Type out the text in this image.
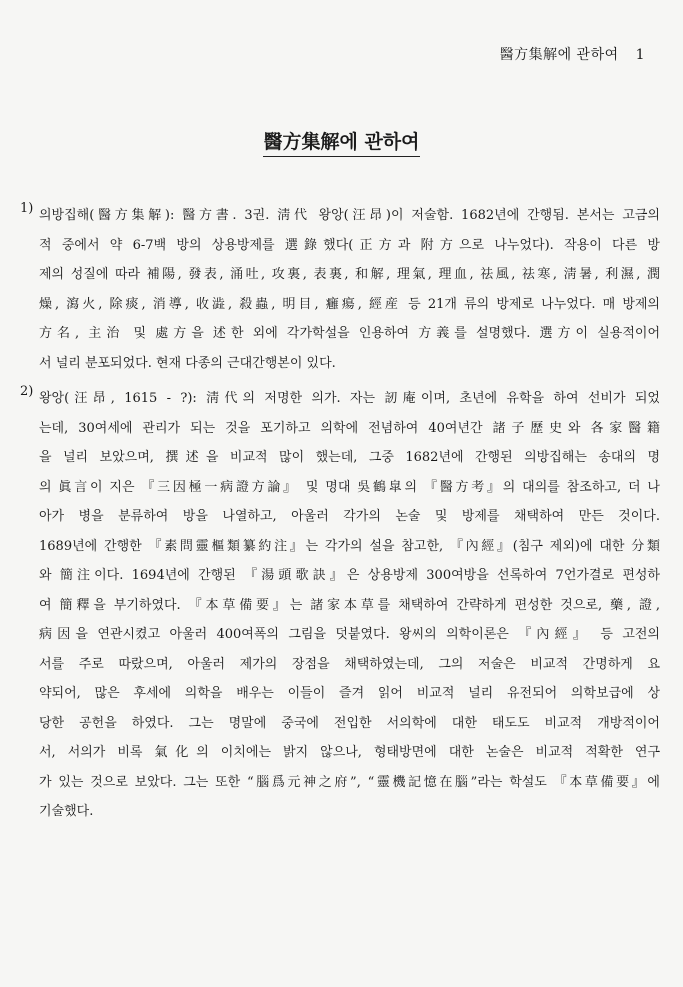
醫方集解에 관하여 1
醫方集解에 관하여
1) 의방집해(醫方集解): 醫方書. 3권. 淸代 왕앙(汪昂)이 저술함. 1682년에 간행됨. 본서는 고금의
적 중에서 약 6-7백 방의 상용방제를 選錄했다(正方과 附方으로 나누었다). 작용이 다른 방
제의 성질에 따라 補陽, 發表, 涌吐, 攻裏, 表裏, 和解, 理氣, 理血, 祛風, 祛寒, 淸暑, 利濕, 潤
燥, 瀉火, 除痰, 消導, 收澁, 殺蟲, 明目, 癰瘍, 經産 등 21개 류의 방제로 나누었다. 매 방제의
方名, 主治 및 處方을 述한 외에 각가학설을 인용하여 方義를 설명했다. 選方이 실용적이어
서 널리 분포되었다. 현재 다종의 근대간행본이 있다.
2) 왕앙(汪昂, 1615 - ?): 淸代의 저명한 의가. 자는 訒庵이며, 초년에 유학을 하여 선비가 되었
는데, 30여세에 관리가 되는 것을 포기하고 의학에 전념하여 40여년간 諸子歷史와 各家醫籍
을 널리 보았으며, 撰述을 비교적 많이 했는데, 그중 1682년에 간행된 의방집해는 송대의 명
의 眞言이 지은 『三因極一病證方論』 및 명대 吳鶴皐의 『醫方考』의 대의를 참조하고, 더 나
아가 병을 분류하여 방을 나열하고, 아울러 각가의 논술 및 방제를 채택하여 만든 것이다.
1689년에 간행한 『素問靈樞類纂約注』는 각가의 설을 참고한, 『內經』(침구 제외)에 대한 分類
와 簡注이다. 1694년에 간행된 『湯頭歌訣』은 상용방제 300여방을 선록하여 7언가결로 편성하
여 簡釋을 부기하였다. 『本草備要』는 諸家本草를 채택하여 간략하게 편성한 것으로, 藥, 證,
病因을 연관시켰고 아울러 400여폭의 그림을 덧붙였다. 왕씨의 의학이론은 『內經』 등 고전의
서를 주로 따랐으며, 아울러 제가의 장점을 채택하였는데, 그의 저술은 비교적 간명하게 요
약되어, 많은 후세에 의학을 배우는 이들이 즐겨 읽어 비교적 널리 유전되어 의학보급에 상
당한 공헌을 하였다. 그는 명말에 중국에 전입한 서의학에 대한 태도도 비교적 개방적이어
서, 서의가 비록 氣化의 이치에는 밝지 않으나, 형태방면에 대한 논술은 비교적 적확한 연구
가 있는 것으로 보았다. 그는 또한 “腦爲元神之府”, “靈機記憶在腦”라는 학설도 『本草備要』에
기술했다.
